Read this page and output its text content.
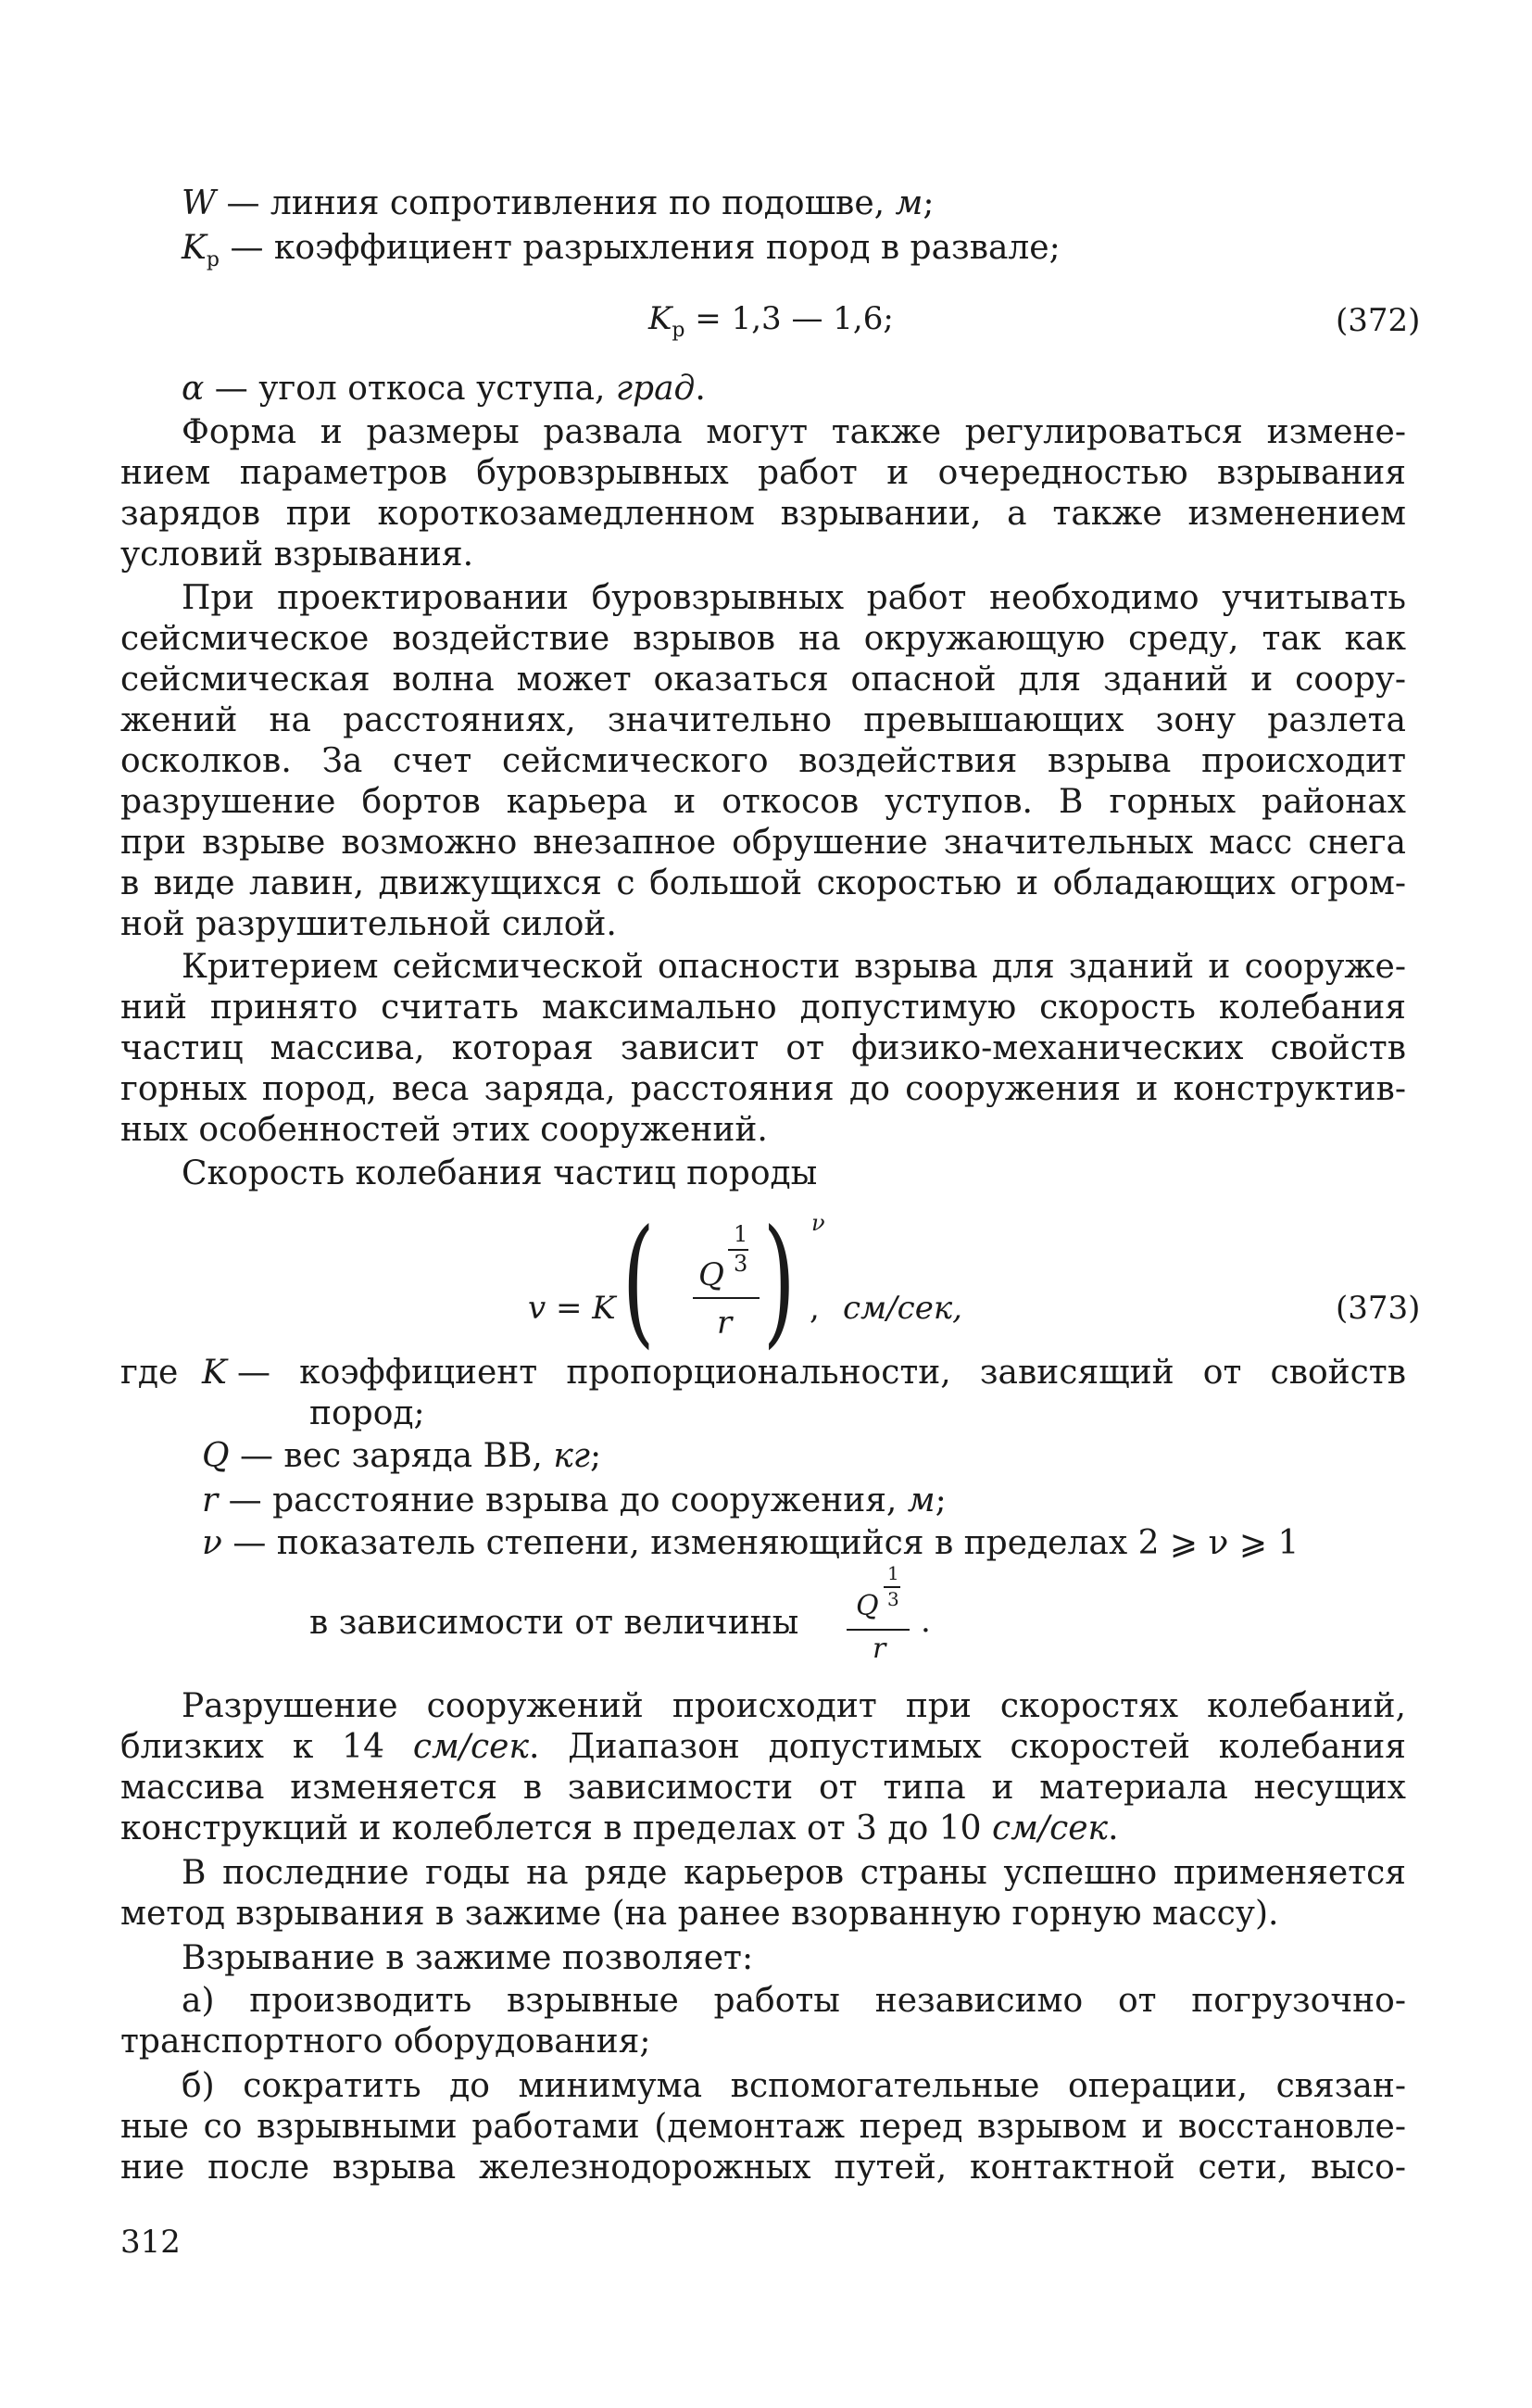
W — линия сопротивления по подошве, м;
$K_р$ — коэффициент разрыхления пород в развале;
$K_р = 1,3$ — 1,6;	(372)
α — угол откоса уступа, град.
Форма и размеры развала могут также регулироваться измене-
нием параметров буровзрывных работ и очередностью взрывания
зарядов при короткозамедленном взрывании, а также изменением
условий взрывания.
При проектировании буровзрывных работ необходимо учитывать
сейсмическое воздействие взрывов на окружающую среду, так как
сейсмическая волна может оказаться опасной для зданий и соору-
жений на расстояниях, значительно превышающих зону разлета
осколков. За счет сейсмического воздействия взрыва происходит
разрушение бортов карьера и откосов уступов. В горных районах
при взрыве возможно внезапное обрушение значительных масс снега
в виде лавин, движущихся с большой скоростью и обладающих огром-
ной разрушительной силой.
Критерием сейсмической опасности взрыва для зданий и сооруже-
ний принято считать максимально допустимую скорость колебания
частиц массива, которая зависит от физико-механических свойств
горных пород, веса заряда, расстояния до сооружения и конструктив-
ных особенностей этих сооружений.
Скорость колебания частиц породы
v = K ( Q
1
3
r ) ν
, см/сек,	(373)
где K — коэффициент пропорциональности, зависящий от свойств
пород;
Q — вес заряда ВВ, кг;
r — расстояние взрыва до сооружения, м;
ν — показатель степени, изменяющийся в пределах 2 ⩾ ν ⩾ 1
в зависимости от величины Q
1
3
r
.
Разрушение сооружений происходит при скоростях колебаний,
близких к 14 см/сек. Диапазон допустимых скоростей колебания
массива изменяется в зависимости от типа и материала несущих
конструкций и колеблется в пределах от 3 до 10 см/сек.
В последние годы на ряде карьеров страны успешно применяется
метод взрывания в зажиме (на ранее взорванную горную массу).
Взрывание в зажиме позволяет:
а) производить взрывные работы независимо от погрузочно-
транспортного оборудования;
б) сократить до минимума вспомогательные операции, связан-
ные со взрывными работами (демонтаж перед взрывом и восстановле-
ние после взрыва железнодорожных путей, контактной сети, высо-
312
